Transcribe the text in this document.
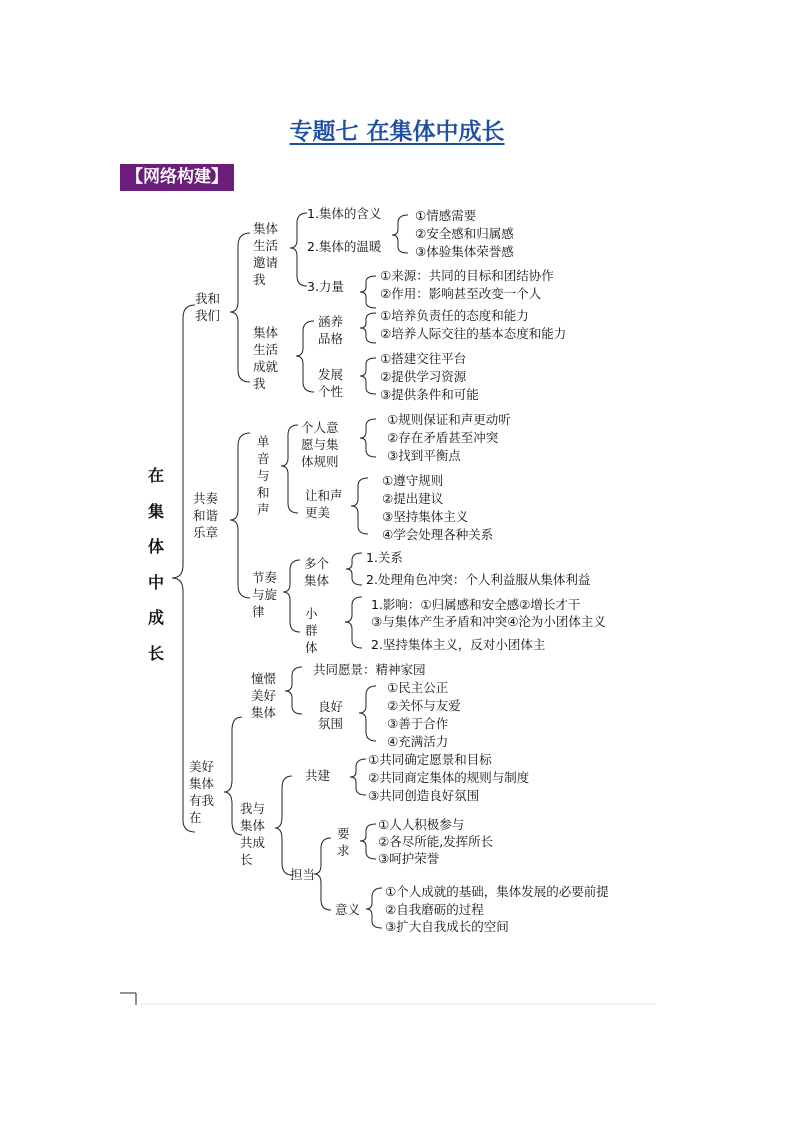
专题七 在集体中成长
【网络构建】
在集体中成长
我和我们
共奏和谐乐章
美好集体有我在
集体生活邀请我
1.集体的含义
2.集体的温暖
①情感需要
②安全感和归属感
③体验集体荣誉感
3.力量
①来源：共同的目标和团结协作
②作用：影响甚至改变一个人
集体生活成就我
涵养品格
①培养负责任的态度和能力
②培养人际交往的基本态度和能力
发展个性
①搭建交往平台
②提供学习资源
③提供条件和可能
单音与和声
个人意愿与集体规则
①规则保证和声更动听
②存在矛盾甚至冲突
③找到平衡点
让和声更美
①遵守规则
②提出建议
③坚持集体主义
④学会处理各种关系
节奏与旋律
多个集体
1.关系
2.处理角色冲突：个人利益服从集体利益
小群体
1.影响：①归属感和安全感②增长才干
③与集体产生矛盾和冲突④沦为小团体主义
2.坚持集体主义，反对小团体主
憧憬美好集体
共同愿景：精神家园
良好氛围
①民主公正
②关怀与友爱
③善于合作
④充满活力
我与集体共成长
共建
①共同确定愿景和目标
②共同商定集体的规则与制度
③共同创造良好氛围
担当
要求
①人人积极参与
②各尽所能,发挥所长
③呵护荣誉
意义
①个人成就的基础，集体发展的必要前提
②自我磨砺的过程
③扩大自我成长的空间
